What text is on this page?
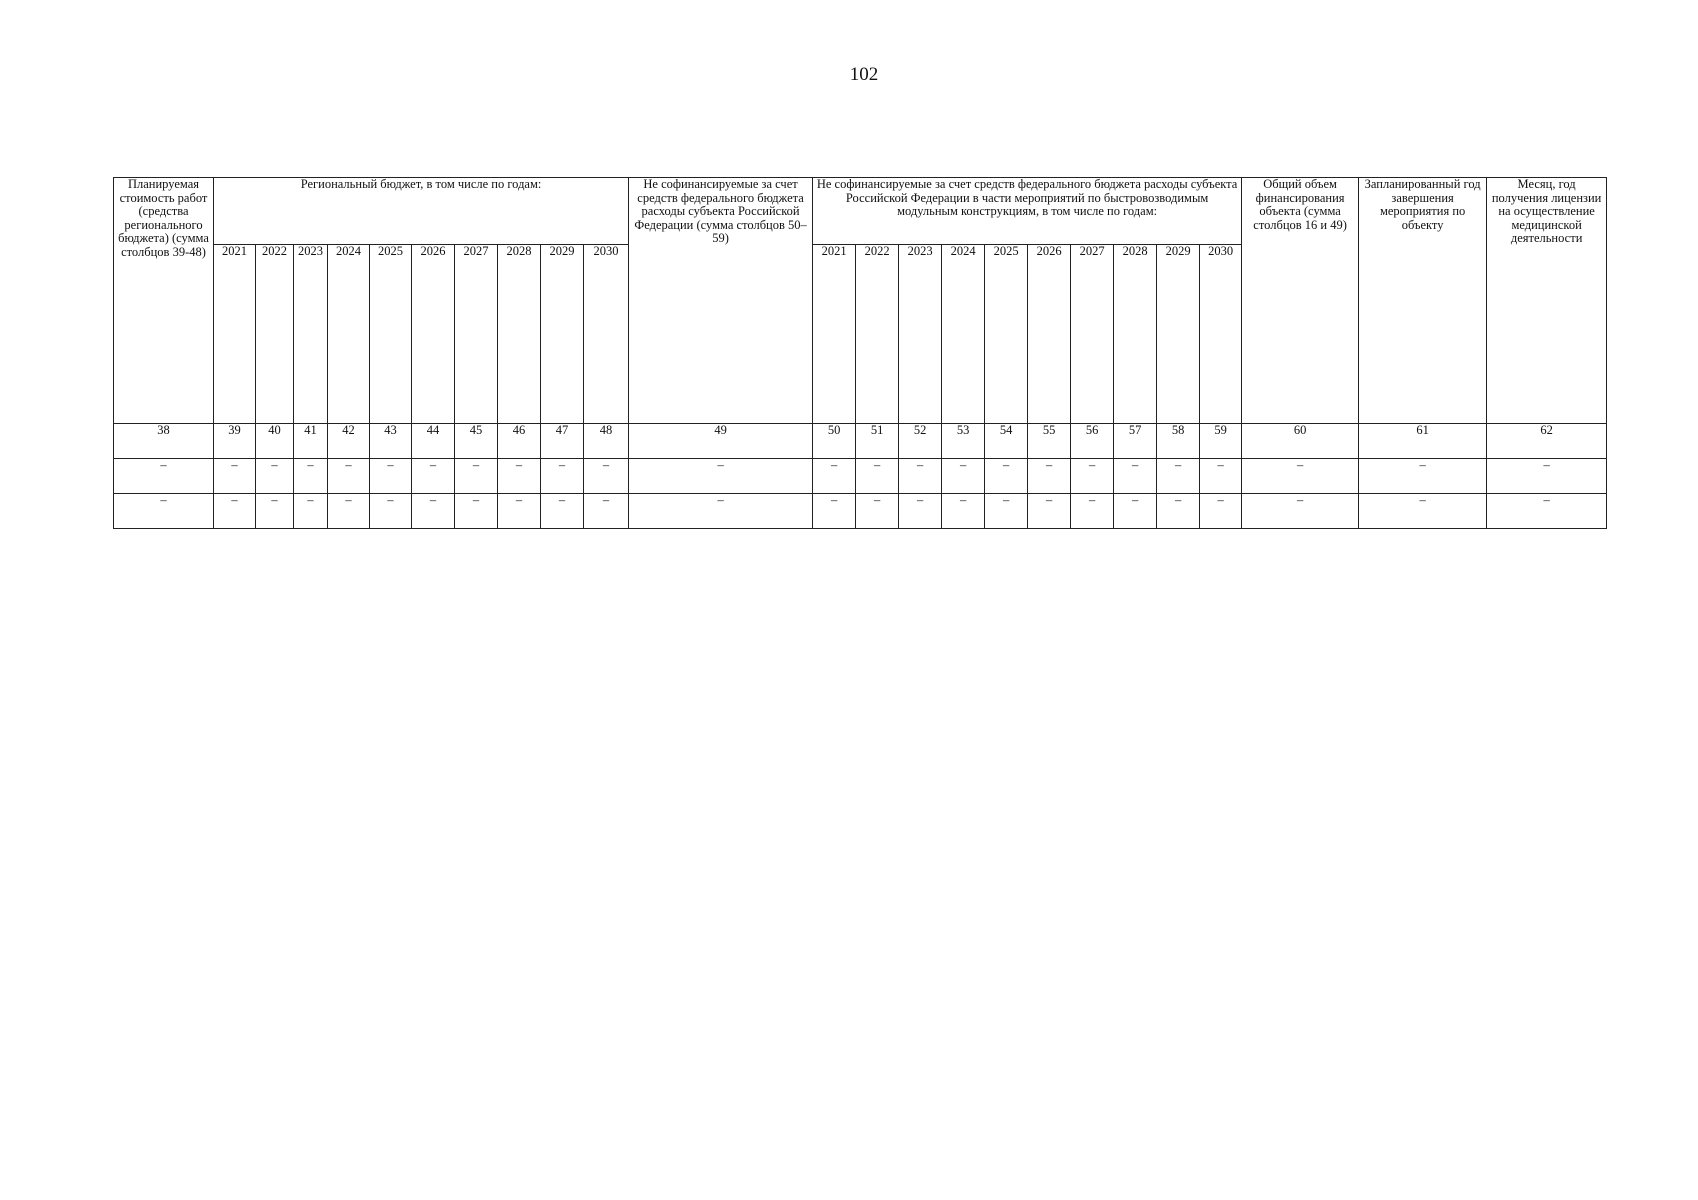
102
Планируемая стоимость работ (средства регионального бюджета) (сумма столбцов 39-48)	Региональный бюджет, в том числе по годам:										Не софинансируемые за счет средств федерального бюджета расходы субъекта Российской Федерации (сумма столбцов 50–59)	Не софинансируемые за счет средств федерального бюджета расходы субъекта Российской Федерации в части мероприятий по быстровозводимым модульным конструкциям, в том числе по годам:										Общий объем финансирования объекта (сумма столбцов 16 и 49)	Запланированный год завершения мероприятия по объекту	Месяц, год получения лицензии на осуществление медицинской деятельности
	2021	2022	2023	2024	2025	2026	2027	2028	2029	2030		2021	2022	2023	2024	2025	2026	2027	2028	2029	2030			
38	39	40	41	42	43	44	45	46	47	48	49	50	51	52	53	54	55	56	57	58	59	60	61	62
–	–	–	–	–	–	–	–	–	–	–	–	–	–	–	–	–	–	–	–	–	–	–	–	–
–	–	–	–	–	–	–	–	–	–	–	–	–	–	–	–	–	–	–	–	–	–	–	–	–
